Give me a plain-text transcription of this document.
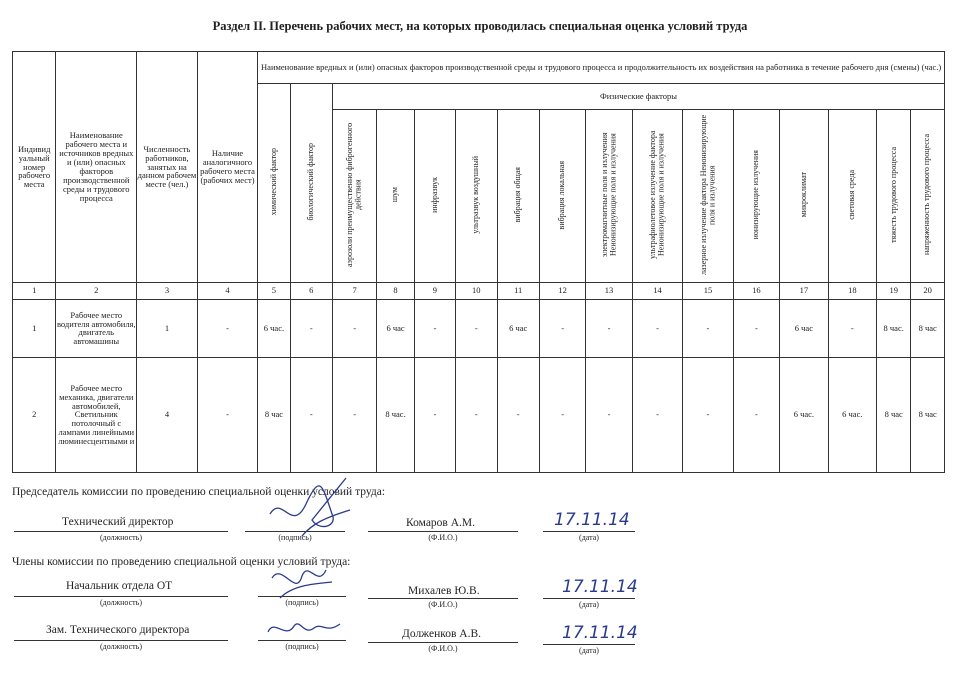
Раздел II. Перечень рабочих мест, на которых проводилась специальная оценка условий труда
Индивид уальный номер рабочего места	Наименование рабочего места и источников вредных и (или) опасных факторов производственной среды и трудового процесса	Численность работников, занятых на данном рабочем месте (чел.)	Наличие аналогичного рабочего места (рабочих мест)	Наименование вредных и (или) опасных факторов производственной среды и трудового процесса и продолжительность их воздействия на работника в течение рабочего дня (смены) (час.)															
				химический фактор	биологический фактор	Физические факторы													
						аэрозоли преимущественно фиброгенного действия	шум	инфразвук	ультразвук воздушный	вибрация общая	вибрация локальная	электромагнитные поля и излучения Неионизирующие поля и излучения	ультрафиолетовое излучение фактора Неионизирующие поля и излучения	лазерное излучение фактора Неионизирующие поля и излучения	ионизирующие излучения	микроклимат	световая среда	тяжесть трудового процесса	напряженность трудового процесса
1	2	3	4	5	6	7	8	9	10	11	12	13	14	15	16	17	18	19	20
1	Рабочее место водителя автомобиля, двигатель автомашины	1	-	6 час.	-	-	6 час	-	-	6 час	-	-	-	-	-	6 час	-	8 час.	8 час
2	Рабочее место механика, двигатели автомобилей, Светильник потолочный с лампами линейными люминесцентными и	4	-	8 час	-	-	8 час.	-	-	-	-	-	-	-	-	6 час.	6 час.	8 час	8 час
Председатель комиссии по проведению специальной оценки условий труда:
Технический директор
(должность)	(подпись)
Комаров А.М.
(Ф.И.О.)
17.11.14
(дата)
Члены комиссии по проведению специальной оценки условий труда:
Начальник отдела ОТ
(должность)	(подпись)
Михалев Ю.В.
(Ф.И.О.)
17.11.14
(дата)
Зам. Технического директора
(должность)	(подпись)
Долженков А.В.
(Ф.И.О.)
17.11.14
(дата)
